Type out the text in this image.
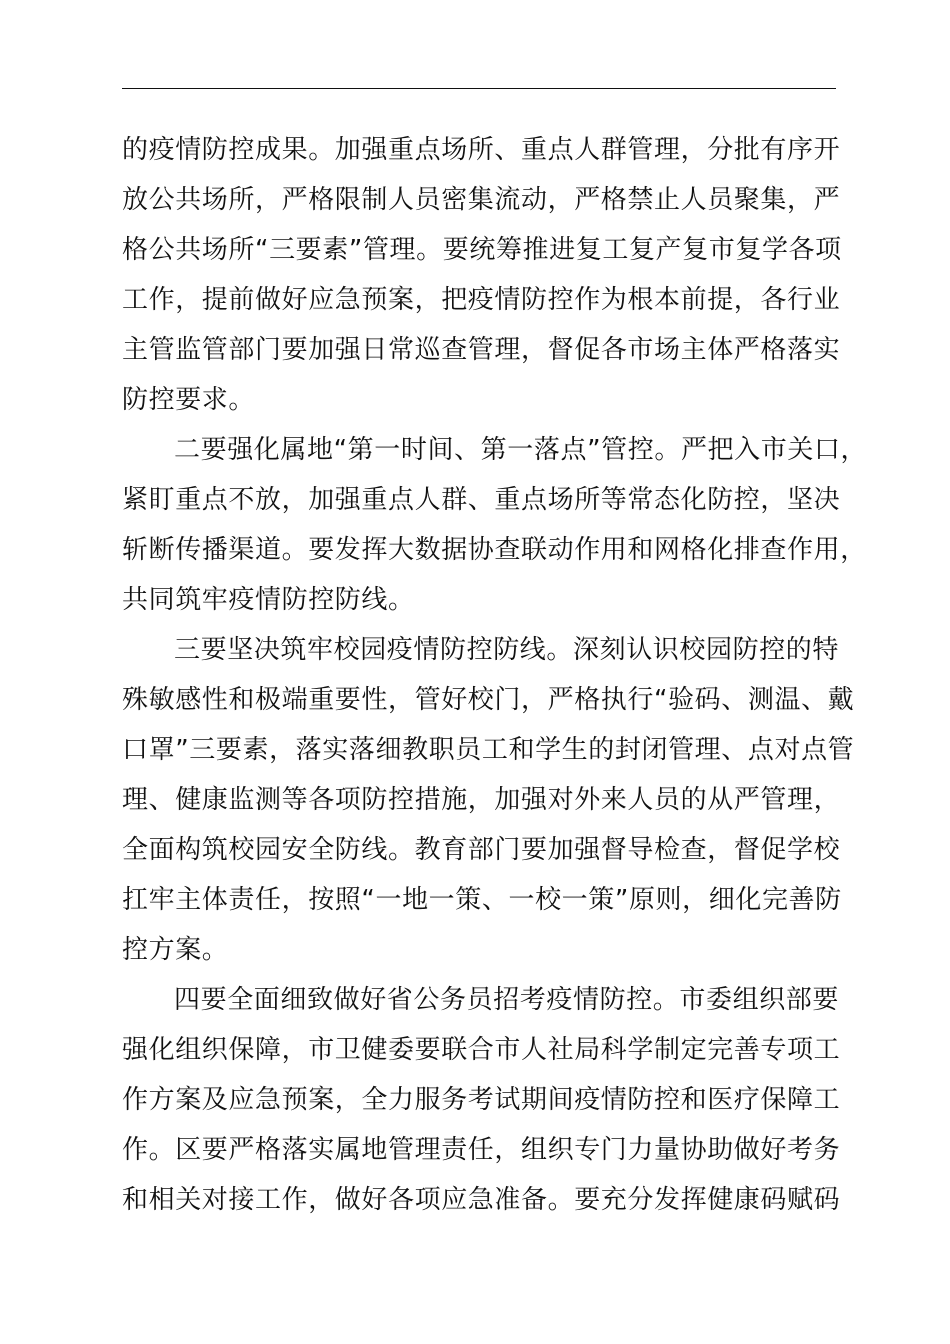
的疫情防控成果。加强重点场所、重点人群管理，分批有序开
放公共场所，严格限制人员密集流动，严格禁止人员聚集，严
格公共场所“三要素”管理。要统筹推进复工复产复市复学各项
工作，提前做好应急预案，把疫情防控作为根本前提，各行业
主管监管部门要加强日常巡查管理，督促各市场主体严格落实
防控要求。
二要强化属地“第一时间、第一落点”管控。严把入市关口，
紧盯重点不放，加强重点人群、重点场所等常态化防控，坚决
斩断传播渠道。要发挥大数据协查联动作用和网格化排查作用，
共同筑牢疫情防控防线。
三要坚决筑牢校园疫情防控防线。深刻认识校园防控的特
殊敏感性和极端重要性，管好校门，严格执行“验码、测温、戴
口罩”三要素，落实落细教职员工和学生的封闭管理、点对点管
理、健康监测等各项防控措施，加强对外来人员的从严管理，
全面构筑校园安全防线。教育部门要加强督导检查，督促学校
扛牢主体责任，按照“一地一策、一校一策”原则，细化完善防
控方案。
四要全面细致做好省公务员招考疫情防控。市委组织部要
强化组织保障，市卫健委要联合市人社局科学制定完善专项工
作方案及应急预案，全力服务考试期间疫情防控和医疗保障工
作。区要严格落实属地管理责任，组织专门力量协助做好考务
和相关对接工作，做好各项应急准备。要充分发挥健康码赋码
